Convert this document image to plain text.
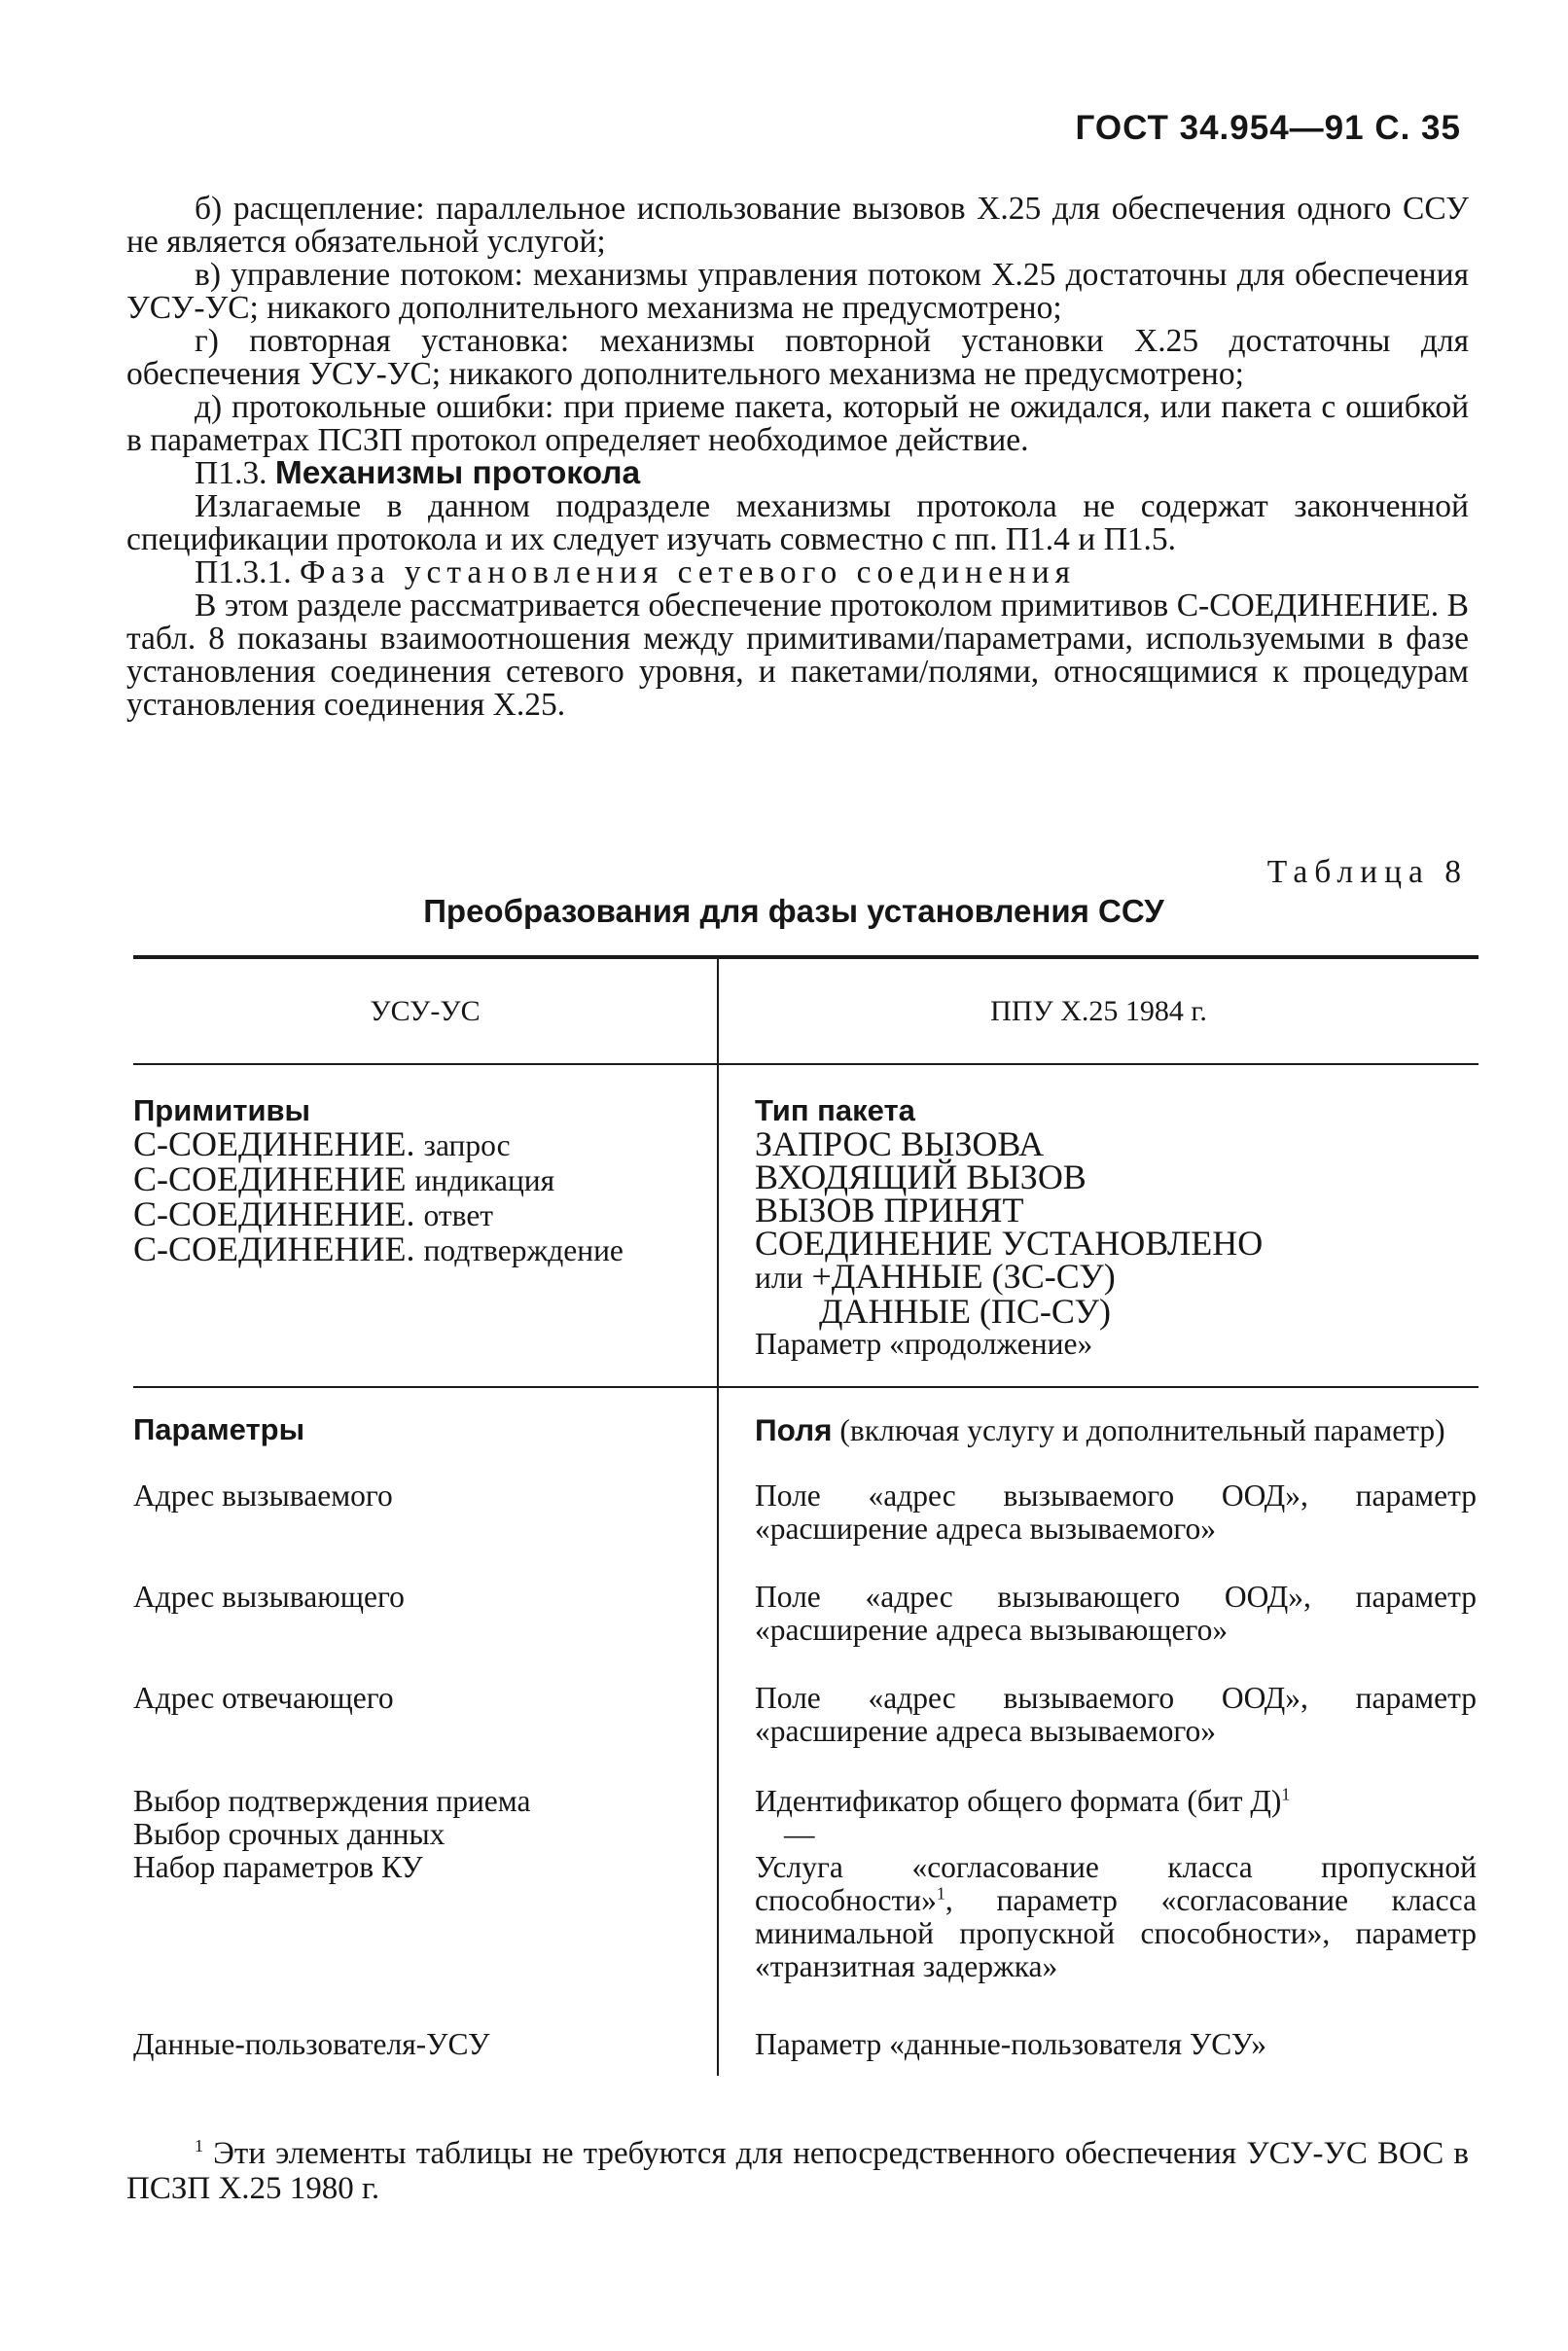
ГОСТ 34.954—91 С. 35

б) расщепление: параллельное использование вызовов Х.25 для обеспечения одного ССУ не является обязательной услугой;

в) управление потоком: механизмы управления потоком Х.25 достаточны для обеспечения УСУ-УС; никакого дополнительного механизма не предусмотрено;

г) повторная установка: механизмы повторной установки Х.25 достаточны для обеспечения УСУ-УС; никакого дополнительного механизма не предусмотрено;

д) протокольные ошибки: при приеме пакета, который не ожидался, или пакета с ошибкой в параметрах ПСЗП протокол определяет необходимое действие.

П1.3. Механизмы протокола

Излагаемые в данном подразделе механизмы протокола не содержат законченной спецификации протокола и их следует изучать совместно с пп. П1.4 и П1.5.

П1.3.1. Фаза установления сетевого соединения

В этом разделе рассматривается обеспечение протоколом примитивов С-СОЕДИНЕНИЕ. В табл. 8 показаны взаимоотношения между примитивами/параметрами, используемыми в фазе установления соединения сетевого уровня, и пакетами/полями, относящимися к процедурам установления соединения Х.25.

Таблица 8
Преобразования для фазы установления ССУ
УСУ-УС	ППУ Х.25 1984 г.

Примитивы

С-СОЕДИНЕНИЕ. запрос

С-СОЕДИНЕНИЕ индикация

С-СОЕДИНЕНИЕ. ответ

С-СОЕДИНЕНИЕ. подтверждение

Тип пакета

ЗАПРОС ВЫЗОВА

ВХОДЯЩИЙ ВЫЗОВ

ВЫЗОВ ПРИНЯТ

СОЕДИНЕНИЕ УСТАНОВЛЕНО

или +ДАННЫЕ (ЗС-СУ)

ДАННЫЕ (ПС-СУ)

Параметр «продолжение»

Параметры

Адрес вызываемого

Адрес вызывающего

Адрес отвечающего

Выбор подтверждения приема

Выбор срочных данных

Набор параметров КУ

Данные-пользователя-УСУ

Поля (включая услугу и дополнительный параметр)

Поле «адрес вызываемого ООД», параметр «расширение адреса вызываемого»

Поле «адрес вызывающего ООД», параметр «расширение адреса вызывающего»

Поле «адрес вызываемого ООД», параметр «расширение адреса вызываемого»

Идентификатор общего формата (бит Д)$^1$

—

Услуга «согласование класса пропускной способности»$^1$, параметр «согласование класса минимальной пропускной способности», параметр «транзитная задержка»

Параметр «данные-пользователя УСУ»

$^1$ Эти элементы таблицы не требуются для непосредственного обеспечения УСУ-УС ВОС в ПСЗП Х.25 1980 г.
